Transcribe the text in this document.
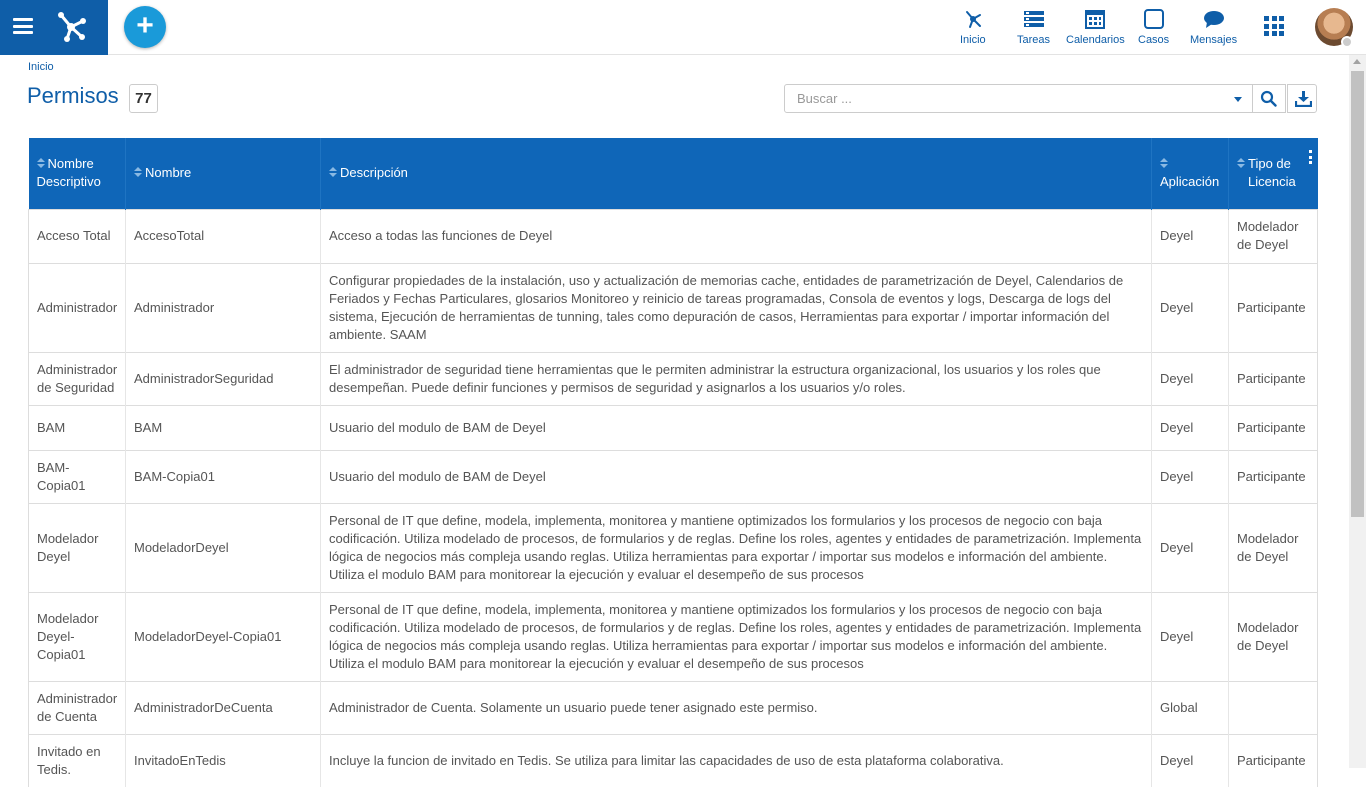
+	Inicio	Tareas Calendarios Casos Mensajes
Inicio
Permisos	77
Buscar ...
Nombre Descriptivo	Nombre	Descripción	Aplicación	Tipo de Licencia

Acceso Total	AccesoTotal	Acceso a todas las funciones de Deyel	Deyel	Modelador de Deyel
Administrador	Administrador	Configurar propiedades de la instalación, uso y actualización de memorias cache, entidades de parametrización de Deyel, Calendarios de Feriados y Fechas Particulares, glosarios Monitoreo y reinicio de tareas programadas, Consola de eventos y logs, Descarga de logs del sistema, Ejecución de herramientas de tunning, tales como depuración de casos, Herramientas para exportar / importar información del ambiente. SAAM	Deyel	Participante
Administrador de Seguridad	AdministradorSeguridad	El administrador de seguridad tiene herramientas que le permiten administrar la estructura organizacional, los usuarios y los roles que desempeñan. Puede definir funciones y permisos de seguridad y asignarlos a los usuarios y/o roles.	Deyel	Participante
BAM	BAM	Usuario del modulo de BAM de Deyel	Deyel	Participante
BAM-Copia01	BAM-Copia01	Usuario del modulo de BAM de Deyel	Deyel	Participante
Modelador Deyel	ModeladorDeyel	Personal de IT que define, modela, implementa, monitorea y mantiene optimizados los formularios y los procesos de negocio con baja codificación. Utiliza modelado de procesos, de formularios y de reglas. Define los roles, agentes y entidades de parametrización. Implementa lógica de negocios más compleja usando reglas. Utiliza herramientas para exportar / importar sus modelos e información del ambiente. Utiliza el modulo BAM para monitorear la ejecución y evaluar el desempeño de sus procesos	Deyel	Modelador de Deyel
Modelador Deyel-Copia01	ModeladorDeyel-Copia01	Personal de IT que define, modela, implementa, monitorea y mantiene optimizados los formularios y los procesos de negocio con baja codificación. Utiliza modelado de procesos, de formularios y de reglas. Define los roles, agentes y entidades de parametrización. Implementa lógica de negocios más compleja usando reglas. Utiliza herramientas para exportar / importar sus modelos e información del ambiente. Utiliza el modulo BAM para monitorear la ejecución y evaluar el desempeño de sus procesos	Deyel	Modelador de Deyel
Administrador de Cuenta	AdministradorDeCuenta	Administrador de Cuenta. Solamente un usuario puede tener asignado este permiso.	Global	
Invitado en Tedis.	InvitadoEnTedis	Incluye la funcion de invitado en Tedis. Se utiliza para limitar las capacidades de uso de esta plataforma colaborativa.	Deyel	Participante
